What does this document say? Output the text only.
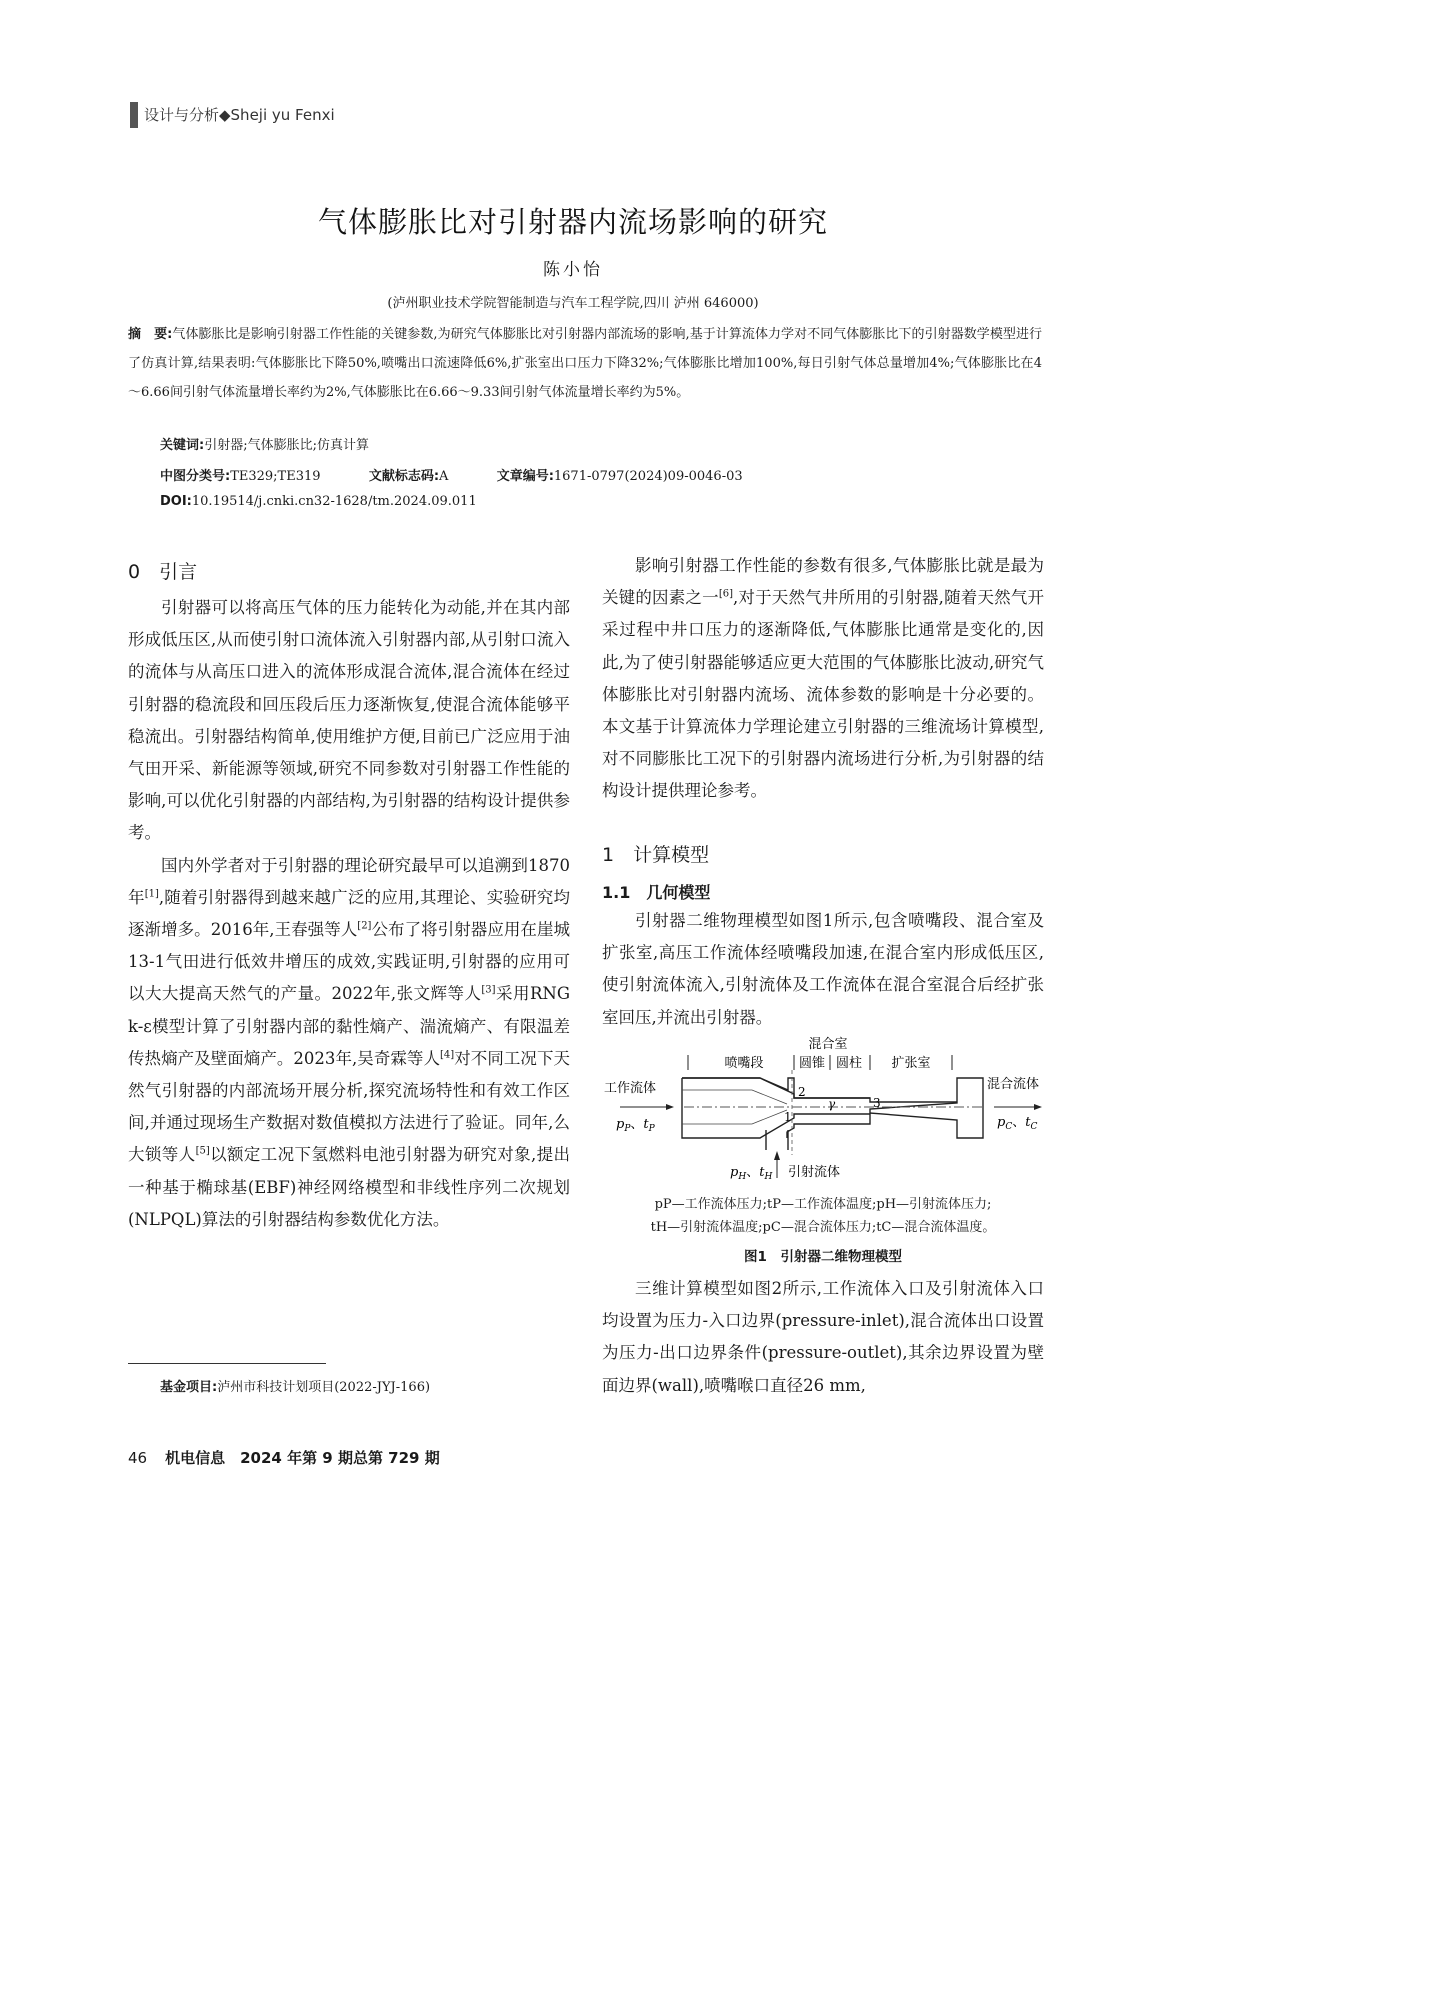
设计与分析◆Sheji yu Fenxi
气体膨胀比对引射器内流场影响的研究
陈小怡
(泸州职业技术学院智能制造与汽车工程学院,四川 泸州 646000)
摘　要:气体膨胀比是影响引射器工作性能的关键参数,为研究气体膨胀比对引射器内部流场的影响,基于计算流体力学对不同气体膨胀比下的引射器数学模型进行了仿真计算,结果表明:气体膨胀比下降50%,喷嘴出口流速降低6%,扩张室出口压力下降32%;气体膨胀比增加100%,每日引射气体总量增加4%;气体膨胀比在4～6.66间引射气体流量增长率约为2%,气体膨胀比在6.66～9.33间引射气体流量增长率约为5%。
关键词:引射器;气体膨胀比;仿真计算
中图分类号:TE329;TE319	文献标志码:A	文章编号:1671-0797(2024)09-0046-03
DOI:10.19514/j.cnki.cn32-1628/tm.2024.09.011
0　引言

引射器可以将高压气体的压力能转化为动能,并在其内部形成低压区,从而使引射口流体流入引射器内部,从引射口流入的流体与从高压口进入的流体形成混合流体,混合流体在经过引射器的稳流段和回压段后压力逐渐恢复,使混合流体能够平稳流出。引射器结构简单,使用维护方便,目前已广泛应用于油气田开采、新能源等领域,研究不同参数对引射器工作性能的影响,可以优化引射器的内部结构,为引射器的结构设计提供参考。

国内外学者对于引射器的理论研究最早可以追溯到1870年[1],随着引射器得到越来越广泛的应用,其理论、实验研究均逐渐增多。2016年,王春强等人[2]公布了将引射器应用在崖城13-1气田进行低效井增压的成效,实践证明,引射器的应用可以大大提高天然气的产量。2022年,张文辉等人[3]采用RNG k-ε模型计算了引射器内部的黏性熵产、湍流熵产、有限温差传热熵产及壁面熵产。2023年,吴奇霖等人[4]对不同工况下天然气引射器的内部流场开展分析,探究流场特性和有效工作区间,并通过现场生产数据对数值模拟方法进行了验证。同年,么大锁等人[5]以额定工况下氢燃料电池引射器为研究对象,提出一种基于椭球基(EBF)神经网络模型和非线性序列二次规划(NLPQL)算法的引射器结构参数优化方法。

影响引射器工作性能的参数有很多,气体膨胀比就是最为关键的因素之一[6],对于天然气井所用的引射器,随着天然气开采过程中井口压力的逐渐降低,气体膨胀比通常是变化的,因此,为了使引射器能够适应更大范围的气体膨胀比波动,研究气体膨胀比对引射器内流场、流体参数的影响是十分必要的。本文基于计算流体力学理论建立引射器的三维流场计算模型,对不同膨胀比工况下的引射器内流场进行分析,为引射器的结构设计提供理论参考。

1　计算模型
1.1　几何模型

引射器二维物理模型如图1所示,包含喷嘴段、混合室及扩张室,高压工作流体经喷嘴段加速,在混合室内形成低压区,使引射流体流入,引射流体及工作流体在混合室混合后经扩张室回压,并流出引射器。

混合室
喷嘴段	圆锥 圆柱 扩张室
1
2
γ	3
工作流体
$p_P$、$t_P$
混合流体
$p_C$、$t_C$
$p_H$、$t_H$ 引射流体
pP—工作流体压力;tP—工作流体温度;pH—引射流体压力;
tH—引射流体温度;pC—混合流体压力;tC—混合流体温度。
图1　引射器二维物理模型

三维计算模型如图2所示,工作流体入口及引射流体入口均设置为压力-入口边界(pressure-inlet),混合流体出口设置为压力-出口边界条件(pressure-outlet),其余边界设置为壁面边界(wall),喷嘴喉口直径26 mm,

基金项目:泸州市科技计划项目(2022-JYJ-166)
46 机电信息　2024 年第 9 期总第 729 期
